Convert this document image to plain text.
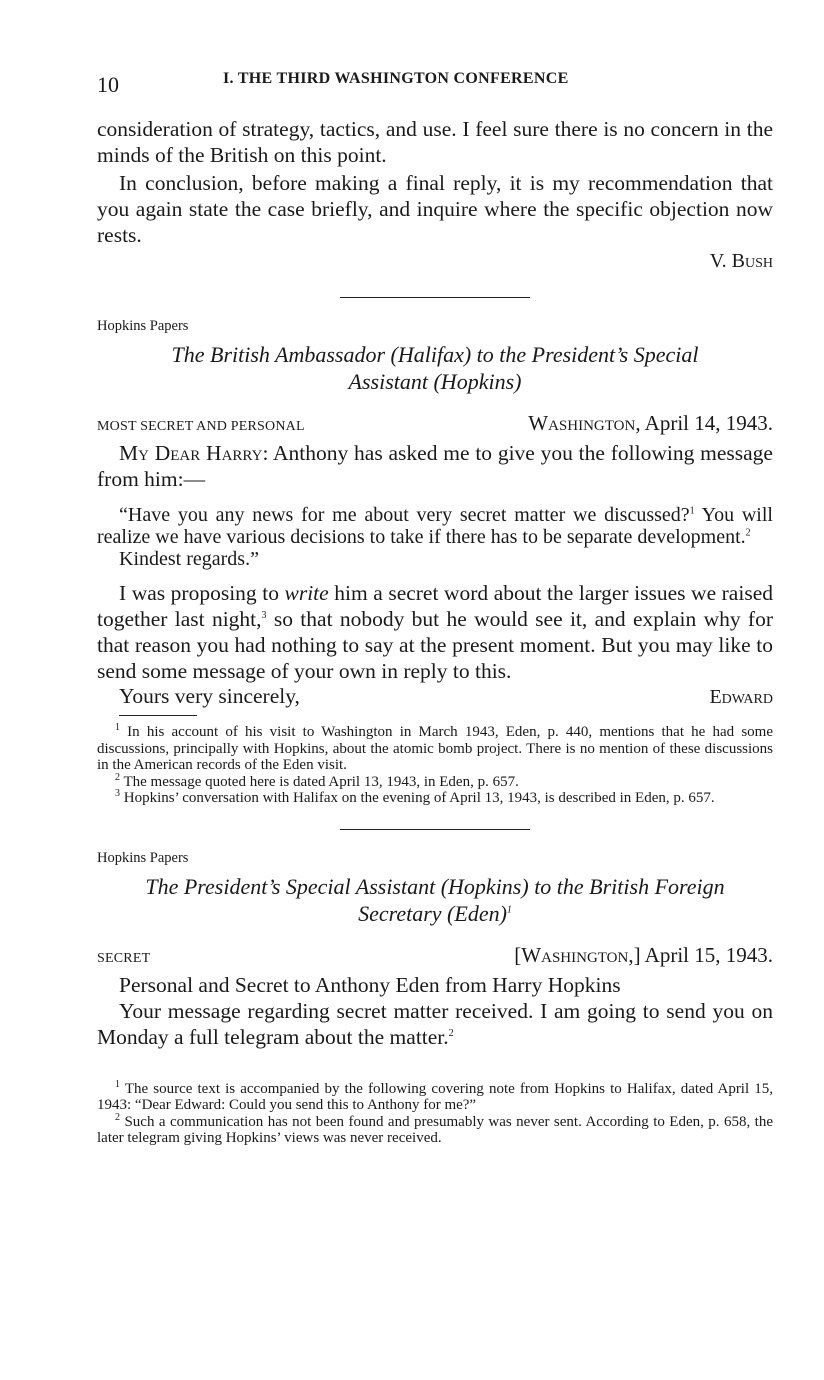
10	I. THE THIRD WASHINGTON CONFERENCE

consideration of strategy, tactics, and use. I feel sure there is no concern in the minds of the British on this point.

In conclusion, before making a final reply, it is my recommendation that you again state the case briefly, and inquire where the specific objection now rests.

V. Bush

Hopkins Papers

The British Ambassador (Halifax) to the President’s Special

Assistant (Hopkins)

MOST SECRET AND PERSONAL	Washington, April 14, 1943.

My Dear Harry: Anthony has asked me to give you the following message from him:—

“Have you any news for me about very secret matter we discussed?$^1$ You will realize we have various decisions to take if there has to be separate development.$^2$

Kindest regards.”

I was proposing to write him a secret word about the larger issues we raised together last night,$^3$ so that nobody but he would see it, and explain why for that reason you had nothing to say at the present moment. But you may like to send some message of your own in reply to this.

Yours very sincerely,	Edward

$^1$ In his account of his visit to Washington in March 1943, Eden, p. 440, mentions that he had some discussions, principally with Hopkins, about the atomic bomb project. There is no mention of these discussions in the American records of the Eden visit.

$^2$ The message quoted here is dated April 13, 1943, in Eden, p. 657.

$^3$ Hopkins’ conversation with Halifax on the evening of April 13, 1943, is described in Eden, p. 657.

Hopkins Papers

The President’s Special Assistant (Hopkins) to the British Foreign

Secretary (Eden)$^1$

SECRET	[Washington,] April 15, 1943.

Personal and Secret to Anthony Eden from Harry Hopkins

Your message regarding secret matter received. I am going to send you on Monday a full telegram about the matter.$^2$

$^1$ The source text is accompanied by the following covering note from Hopkins to Halifax, dated April 15, 1943: “Dear Edward: Could you send this to Anthony for me?”

$^2$ Such a communication has not been found and presumably was never sent. According to Eden, p. 658, the later telegram giving Hopkins’ views was never received.
